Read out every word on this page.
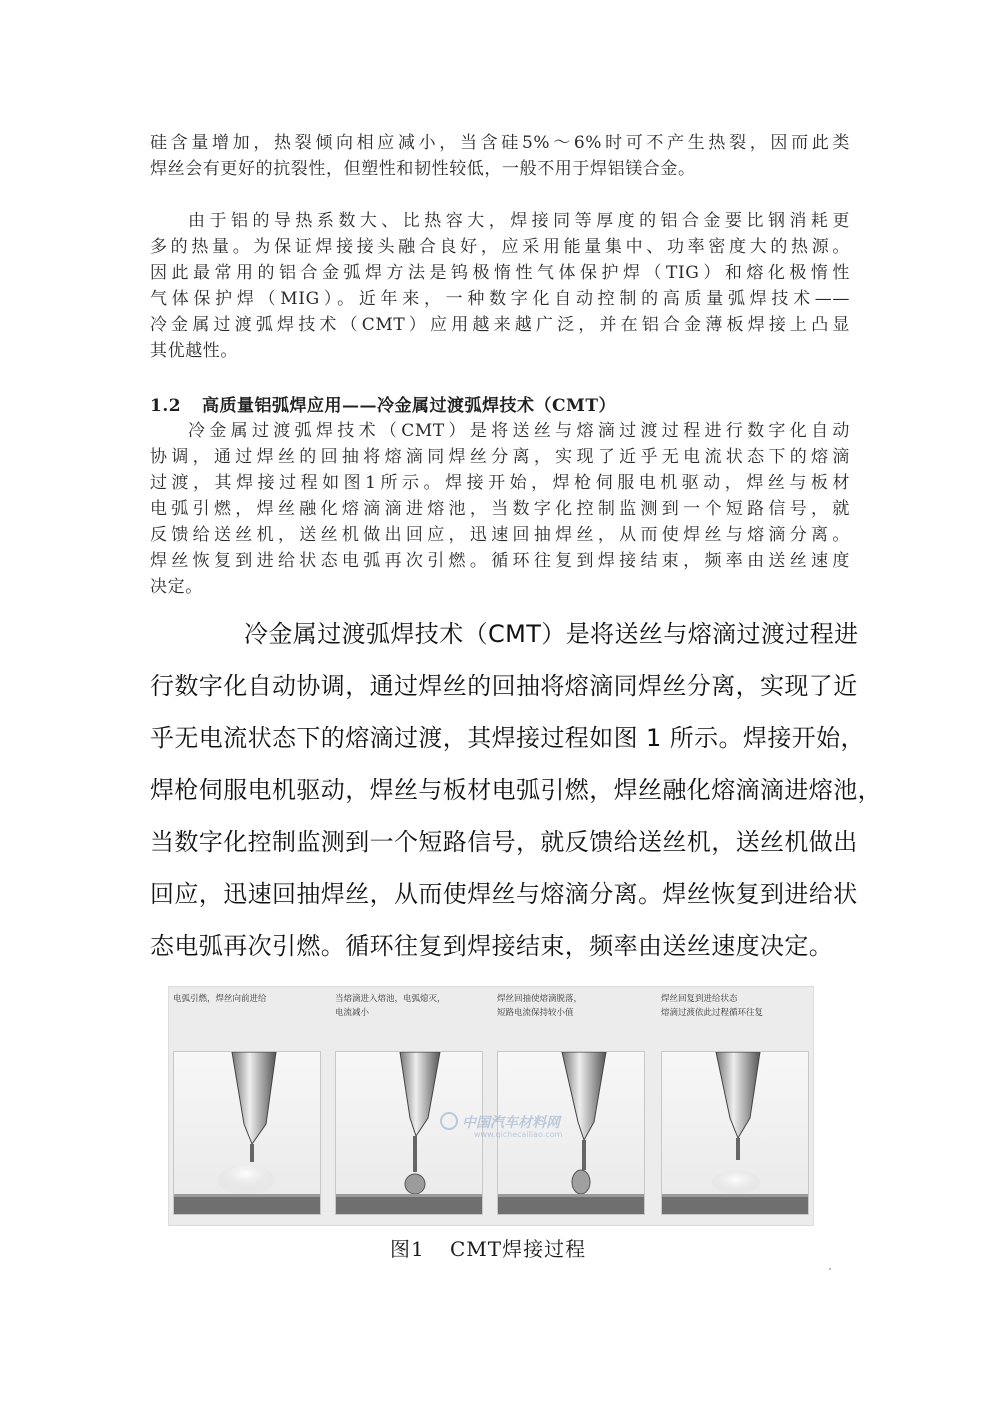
硅含量增加，热裂倾向相应减小，当含硅5%～6%时可不产生热裂，因而此类
焊丝会有更好的抗裂性，但塑性和韧性较低，一般不用于焊铝镁合金。
由于铝的导热系数大、比热容大，焊接同等厚度的铝合金要比钢消耗更
多的热量。为保证焊接接头融合良好，应采用能量集中、功率密度大的热源。
因此最常用的铝合金弧焊方法是钨极惰性气体保护焊（TIG）和熔化极惰性
气体保护焊（MIG）。近年来，一种数字化自动控制的高质量弧焊技术——
冷金属过渡弧焊技术（CMT）应用越来越广泛，并在铝合金薄板焊接上凸显
其优越性。
1.2 高质量铝弧焊应用——冷金属过渡弧焊技术（CMT）
冷金属过渡弧焊技术（CMT）是将送丝与熔滴过渡过程进行数字化自动
协调，通过焊丝的回抽将熔滴同焊丝分离，实现了近乎无电流状态下的熔滴
过渡，其焊接过程如图1所示。焊接开始，焊枪伺服电机驱动，焊丝与板材
电弧引燃，焊丝融化熔滴滴进熔池，当数字化控制监测到一个短路信号，就
反馈给送丝机，送丝机做出回应，迅速回抽焊丝，从而使焊丝与熔滴分离。
焊丝恢复到进给状态电弧再次引燃。循环往复到焊接结束，频率由送丝速度
决定。
冷金属过渡弧焊技术（CMT）是将送丝与熔滴过渡过程进
行数字化自动协调，通过焊丝的回抽将熔滴同焊丝分离，实现了近
乎无电流状态下的熔滴过渡，其焊接过程如图 1 所示。焊接开始，
焊枪伺服电机驱动，焊丝与板材电弧引燃，焊丝融化熔滴滴进熔池，
当数字化控制监测到一个短路信号，就反馈给送丝机，送丝机做出
回应，迅速回抽焊丝，从而使焊丝与熔滴分离。焊丝恢复到进给状
态电弧再次引燃。循环往复到焊接结束，频率由送丝速度决定。
电弧引燃，焊丝向前进给	当熔滴进入熔池，电弧熄灭，
电流减小
焊丝回抽使熔滴脱落，
短路电流保持较小值
焊丝回复到进给状态
熔滴过渡依此过程循环往复
中国汽车材料网
www.qichecailiao.com
图1 CMT焊接过程
